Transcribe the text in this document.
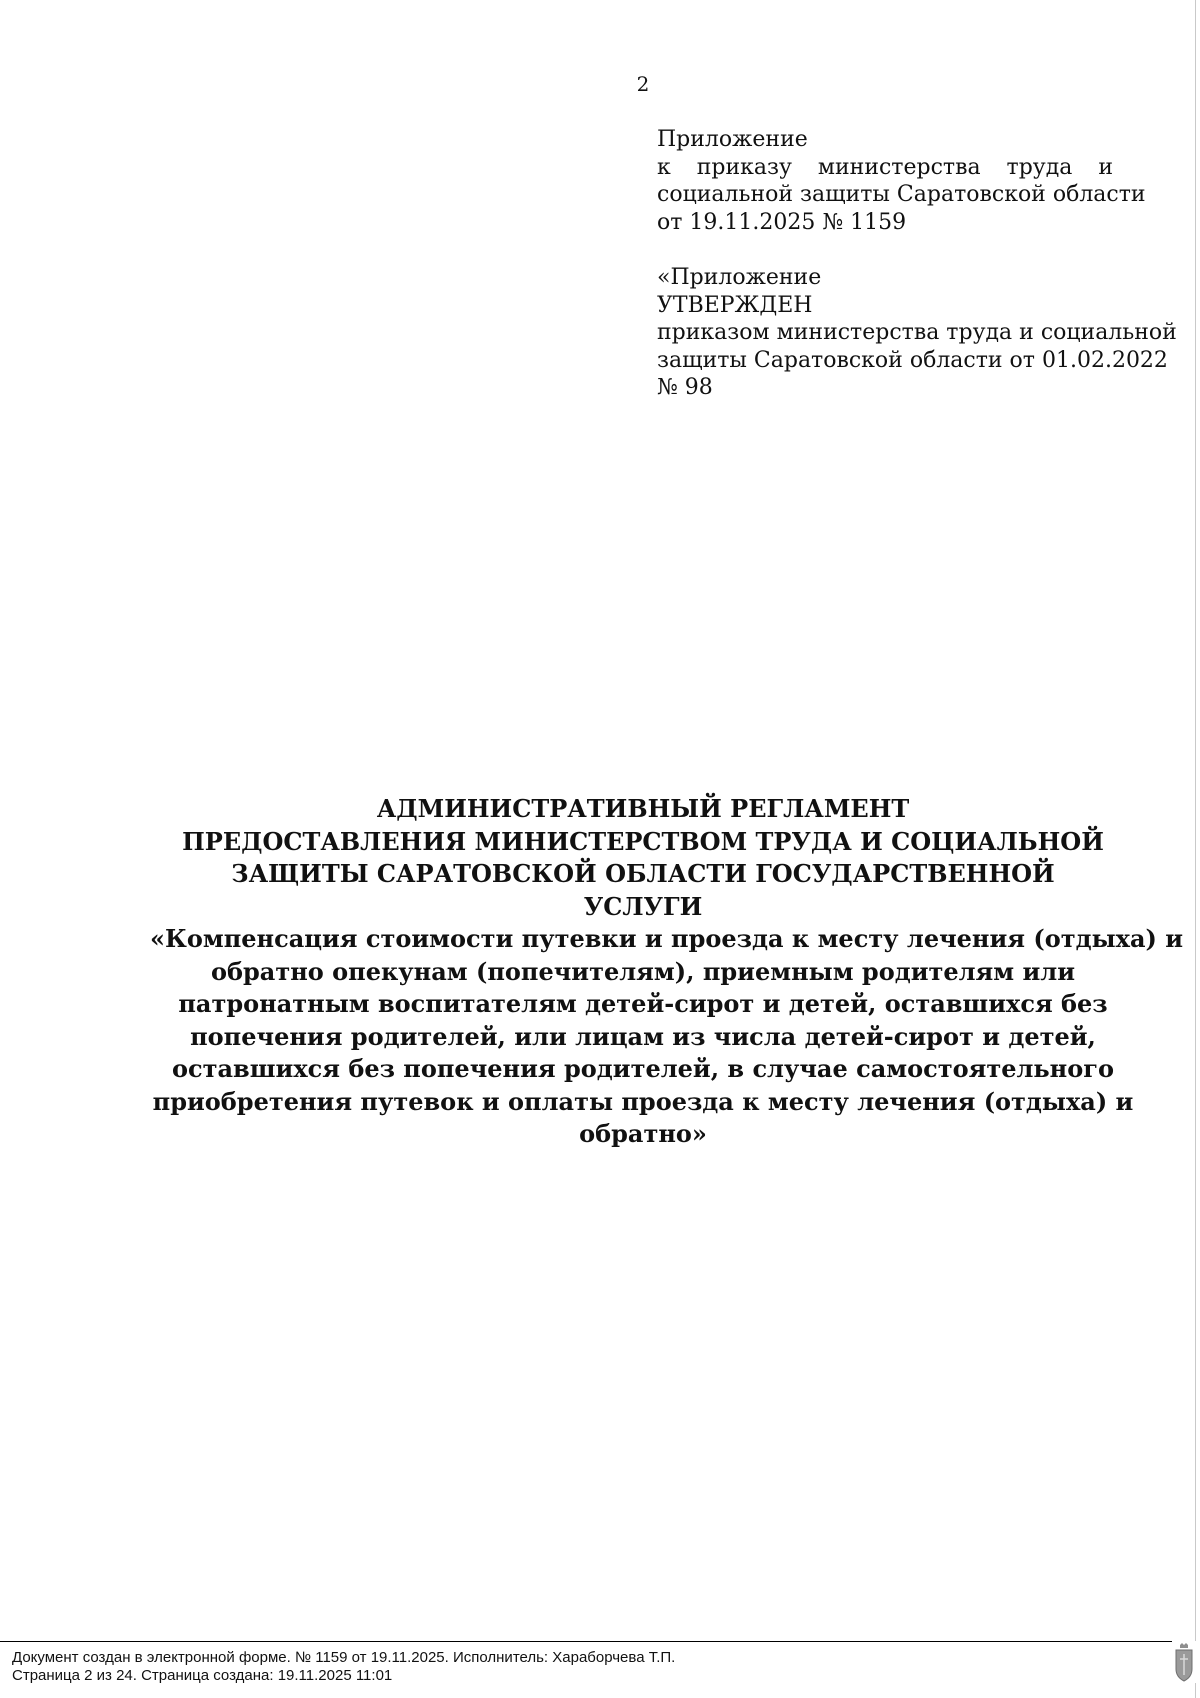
2
Приложение
к приказу министерства труда и
социальной защиты Саратовской области
от 19.11.2025 № 1159
«Приложение
УТВЕРЖДЕН
приказом министерства труда и социальной
защиты Саратовской области от 01.02.2022
№ 98
АДМИНИСТРАТИВНЫЙ РЕГЛАМЕНТ
ПРЕДОСТАВЛЕНИЯ МИНИСТЕРСТВОМ ТРУДА И СОЦИАЛЬНОЙ
ЗАЩИТЫ САРАТОВСКОЙ ОБЛАСТИ ГОСУДАРСТВЕННОЙ
УСЛУГИ
«Компенсация стоимости путевки и проезда к месту лечения (отдыха) и
обратно опекунам (попечителям), приемным родителям или
патронатным воспитателям детей-сирот и детей, оставшихся без
попечения родителей, или лицам из числа детей-сирот и детей,
оставшихся без попечения родителей, в случае самостоятельного
приобретения путевок и оплаты проезда к месту лечения (отдыха) и
обратно»
Документ создан в электронной форме. № 1159 от 19.11.2025. Исполнитель: Хараборчева Т.П.
Страница 2 из 24. Страница создана: 19.11.2025 11:01
